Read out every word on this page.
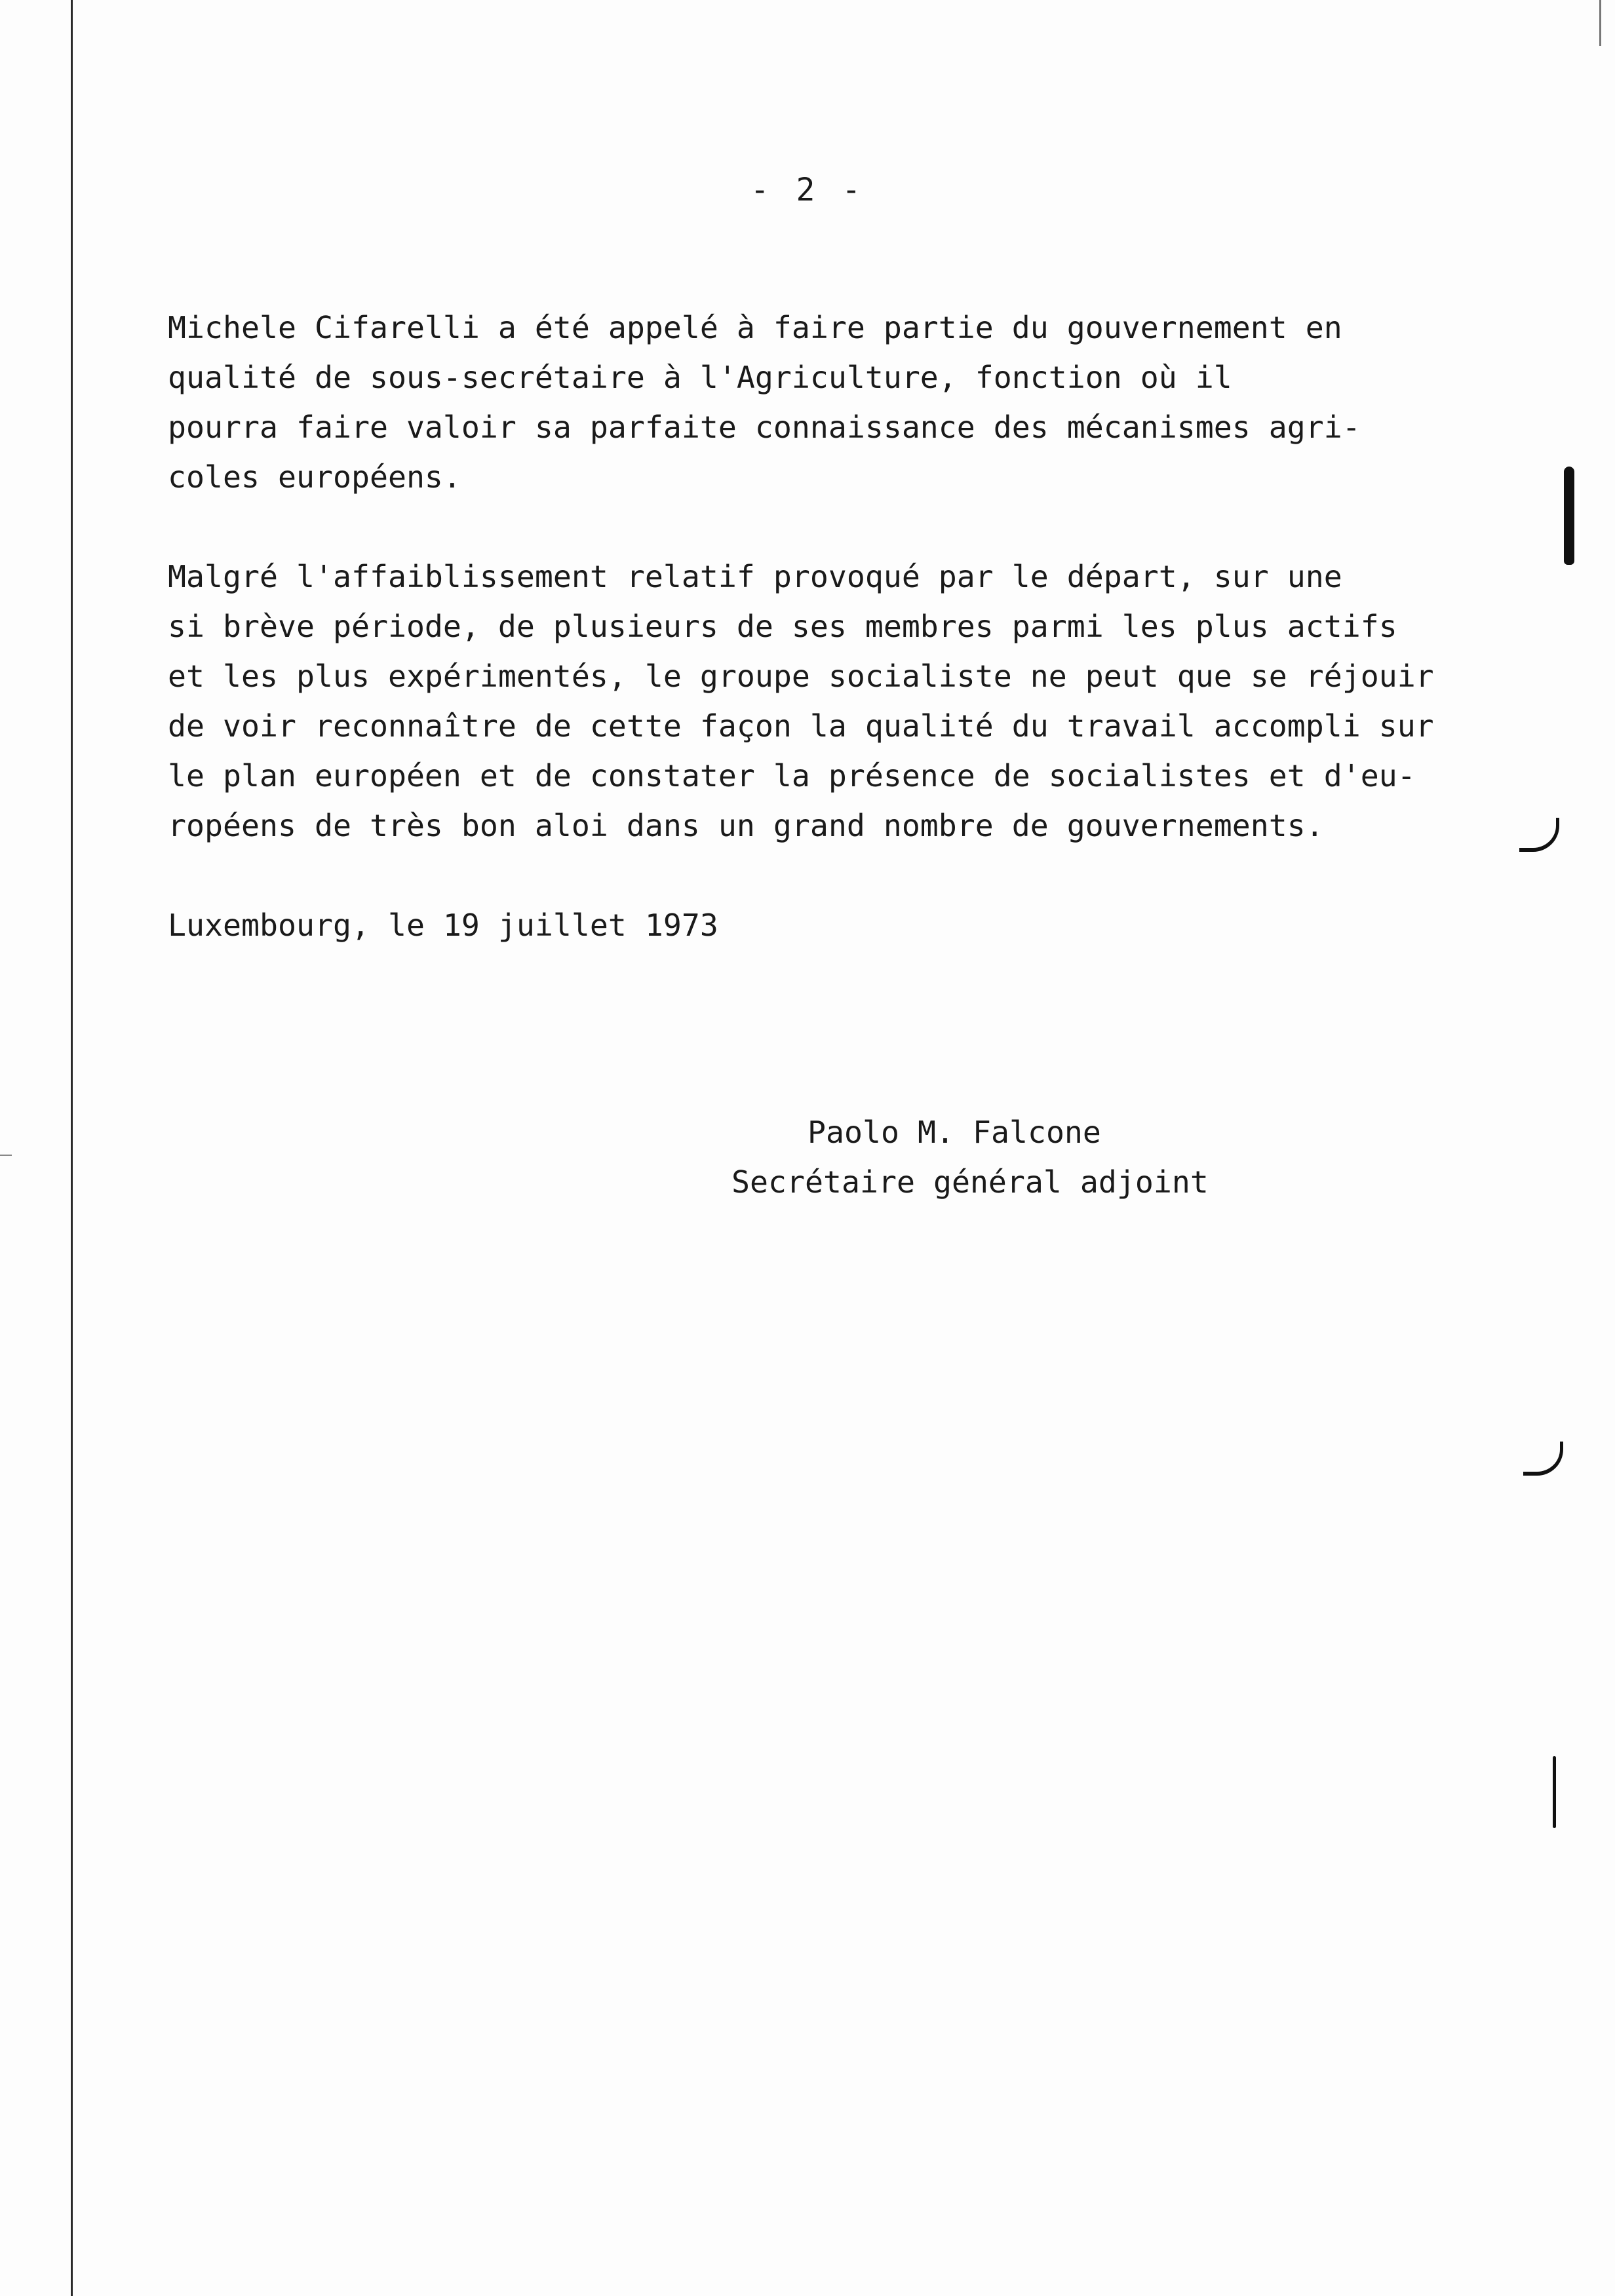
- 2 -

Michele Cifarelli a été appelé à faire partie du gouvernement en
qualité de sous-secrétaire à l'Agriculture, fonction où il
pourra faire valoir sa parfaite connaissance des mécanismes agri-
coles européens.

Malgré l'affaiblissement relatif provoqué par le départ, sur une
si brève période, de plusieurs de ses membres parmi les plus actifs
et les plus expérimentés, le groupe socialiste ne peut que se réjouir
de voir reconnaître de cette façon la qualité du travail accompli sur
le plan européen et de constater la présence de socialistes et d'eu-
ropéens de très bon aloi dans un grand nombre de gouvernements.

Luxembourg, le 19 juillet 1973
Paolo M. Falcone
Secrétaire général adjoint
